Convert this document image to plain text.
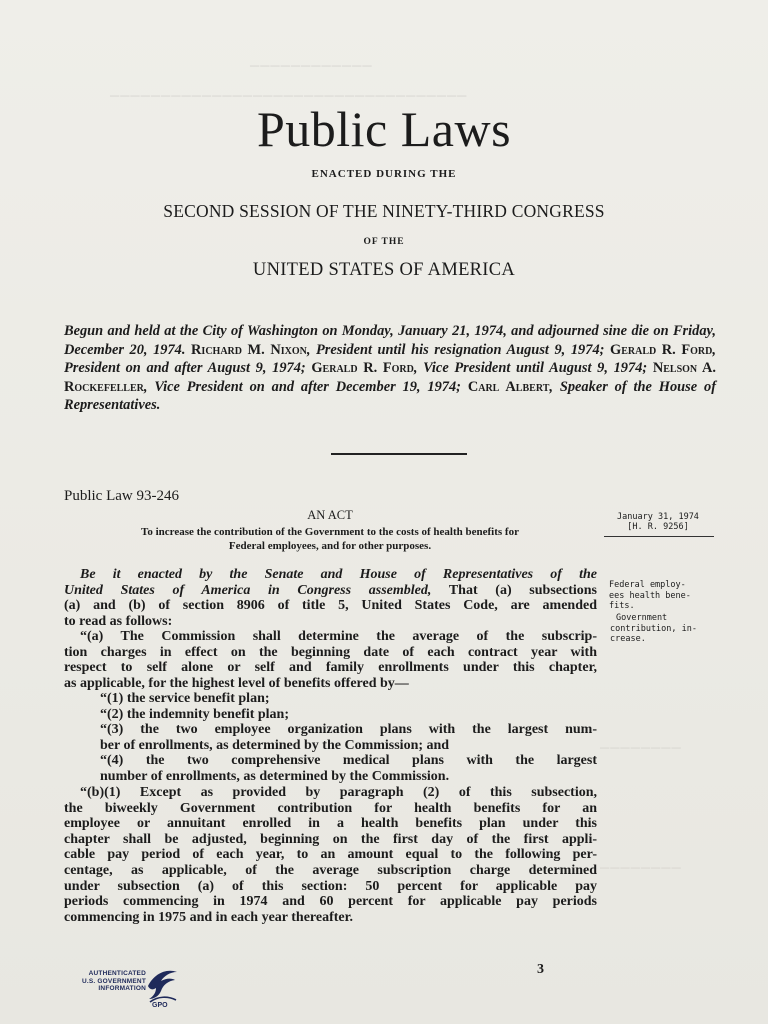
────────────
───────────────────────────────────
────────
────────
Public Laws
ENACTED DURING THE
SECOND SESSION OF THE NINETY-THIRD CONGRESS
OF THE
UNITED STATES OF AMERICA
Begun and held at the City of Washington on Monday, January 21, 1974, and adjourned sine die on Friday, December 20, 1974. Richard M. Nixon, President until his resignation August 9, 1974; Gerald R. Ford, President on and after August 9, 1974; Gerald R. Ford, Vice President until August 9, 1974; Nelson A. Rockefeller, Vice President on and after December 19, 1974; Carl Albert, Speaker of the House of Representatives.
Public Law 93-246
AN ACT
To increase the contribution of the Government to the costs of health benefits for
Federal employees, and for other purposes.
January 31, 1974
[H. R. 9256]
Federal employ-
ees health bene-
fits.
Government
contribution, in-
crease.
Be it enacted by the Senate and House of Representatives of the
United States of America in Congress assembled, That (a) subsections
(a) and (b) of section 8906 of title 5, United States Code, are amended
to read as follows:
“(a) The Commission shall determine the average of the subscrip-
tion charges in effect on the beginning date of each contract year with
respect to self alone or self and family enrollments under this chapter,
as applicable, for the highest level of benefits offered by—
“(1) the service benefit plan;
“(2) the indemnity benefit plan;
“(3) the two employee organization plans with the largest num-
ber of enrollments, as determined by the Commission; and
“(4) the two comprehensive medical plans with the largest
number of enrollments, as determined by the Commission.
“(b)(1) Except as provided by paragraph (2) of this subsection,
the biweekly Government contribution for health benefits for an
employee or annuitant enrolled in a health benefits plan under this
chapter shall be adjusted, beginning on the first day of the first appli-
cable pay period of each year, to an amount equal to the following per-
centage, as applicable, of the average subscription charge determined
under subsection (a) of this section: 50 percent for applicable pay
periods commencing in 1974 and 60 percent for applicable pay periods
commencing in 1975 and in each year thereafter.
3
AUTHENTICATED
U.S. GOVERNMENT
INFORMATION
GPO
